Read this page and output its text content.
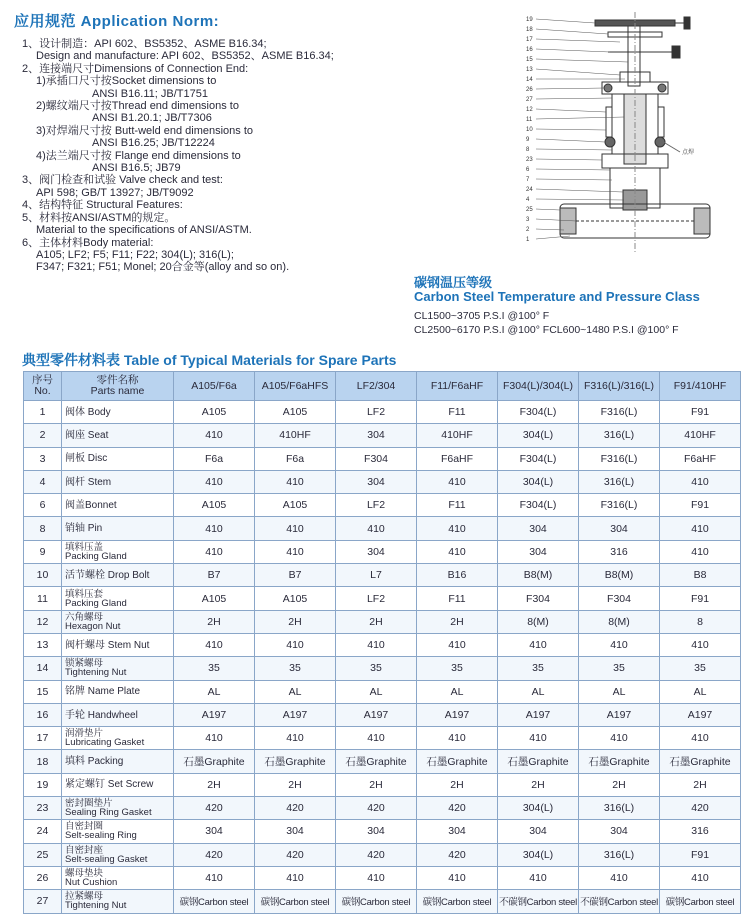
应用规范 Application Norm:
1、设计制造：API 602、BS5352、ASME B16.34;
Design and manufacture: API 602、BS5352、ASME B16.34;
2、连接端尺寸Dimensions of Connection End:
1)承插口尺寸按Socket dimensions to
ANSI B16.11; JB/T1751
2)螺纹端尺寸按Thread end dimensions to
ANSI B1.20.1; JB/T7306
3)对焊端尺寸按 Butt-weld end dimensions to
ANSI B16.25; JB/T12224
4)法兰端尺寸按 Flange end dimensions to
ANSI B16.5; JB79
3、阀门检查和试验 Valve check and test:
API 598; GB/T 13927; JB/T9092
4、结构特征 Structural Features:
5、材料按ANSI/ASTM的规定。
Material to the specifications of ANSI/ASTM.
6、主体材料Body material:
A105; LF2; F5; F11; F22; 304(L); 316(L);
F347; F321; F51; Monel; 20合金等(alloy and so on).
19
18
17
16
15
13
14
26
27
12
11
10
9
8
23
6
7
24
4
25
3
2
1
点焊
碳钢温压等级
Carbon Steel Temperature and Pressure Class
CL1500~3705 P.S.I @100° F
CL2500~6170 P.S.I @100° FCL600~1480 P.S.I @100° F
典型零件材料表 Table of Typical Materials for Spare Parts
序号
No.	零件名称
Parts name	A105/F6a	A105/F6aHFS	LF2/304	F11/F6aHF	F304(L)/304(L)	F316(L)/316(L)	F91/410HF
1	阀体 Body	A105	A105	LF2	F11	F304(L)	F316(L)	F91
2	阀座 Seat	410	410HF	304	410HF	304(L)	316(L)	410HF
3	闸板 Disc	F6a	F6a	F304	F6aHF	F304(L)	F316(L)	F6aHF
4	阀杆 Stem	410	410	304	410	304(L)	316(L)	410
6	阀盖Bonnet	A105	A105	LF2	F11	F304(L)	F316(L)	F91
8	销轴 Pin	410	410	410	410	304	304	410
9	填料压盖
Packing Gland	410	410	304	410	304	316	410
10	活节螺栓 Drop Bolt	B7	B7	L7	B16	B8(M)	B8(M)	B8
11	填料压套
Packing Gland	A105	A105	LF2	F11	F304	F304	F91
12	六角螺母
Hexagon Nut	2H	2H	2H	2H	8(M)	8(M)	8
13	阀杆螺母 Stem Nut	410	410	410	410	410	410	410
14	锁紧螺母
Tightening Nut	35	35	35	35	35	35	35
15	铭牌 Name Plate	AL	AL	AL	AL	AL	AL	AL
16	手轮 Handwheel	A197	A197	A197	A197	A197	A197	A197
17	润滑垫片
Lubricating Gasket	410	410	410	410	410	410	410
18	填料 Packing	石墨Graphite	石墨Graphite	石墨Graphite	石墨Graphite	石墨Graphite	石墨Graphite	石墨Graphite
19	紧定螺钉 Set Screw	2H	2H	2H	2H	2H	2H	2H
23	密封圈垫片
Sealing Ring Gasket	420	420	420	420	304(L)	316(L)	420
24	自密封圈
Selt-sealing Ring	304	304	304	304	304	304	316
25	自密封座
Selt-sealing Gasket	420	420	420	420	304(L)	316(L)	F91
26	螺母垫块
Nut Cushion	410	410	410	410	410	410	410
27	拉紧螺母
Tightening Nut	碳钢Carbon steel	碳钢Carbon steel	碳钢Carbon steel	碳钢Carbon steel	不碳钢Carbon steel	不碳钢Carbon steel	碳钢Carbon steel
